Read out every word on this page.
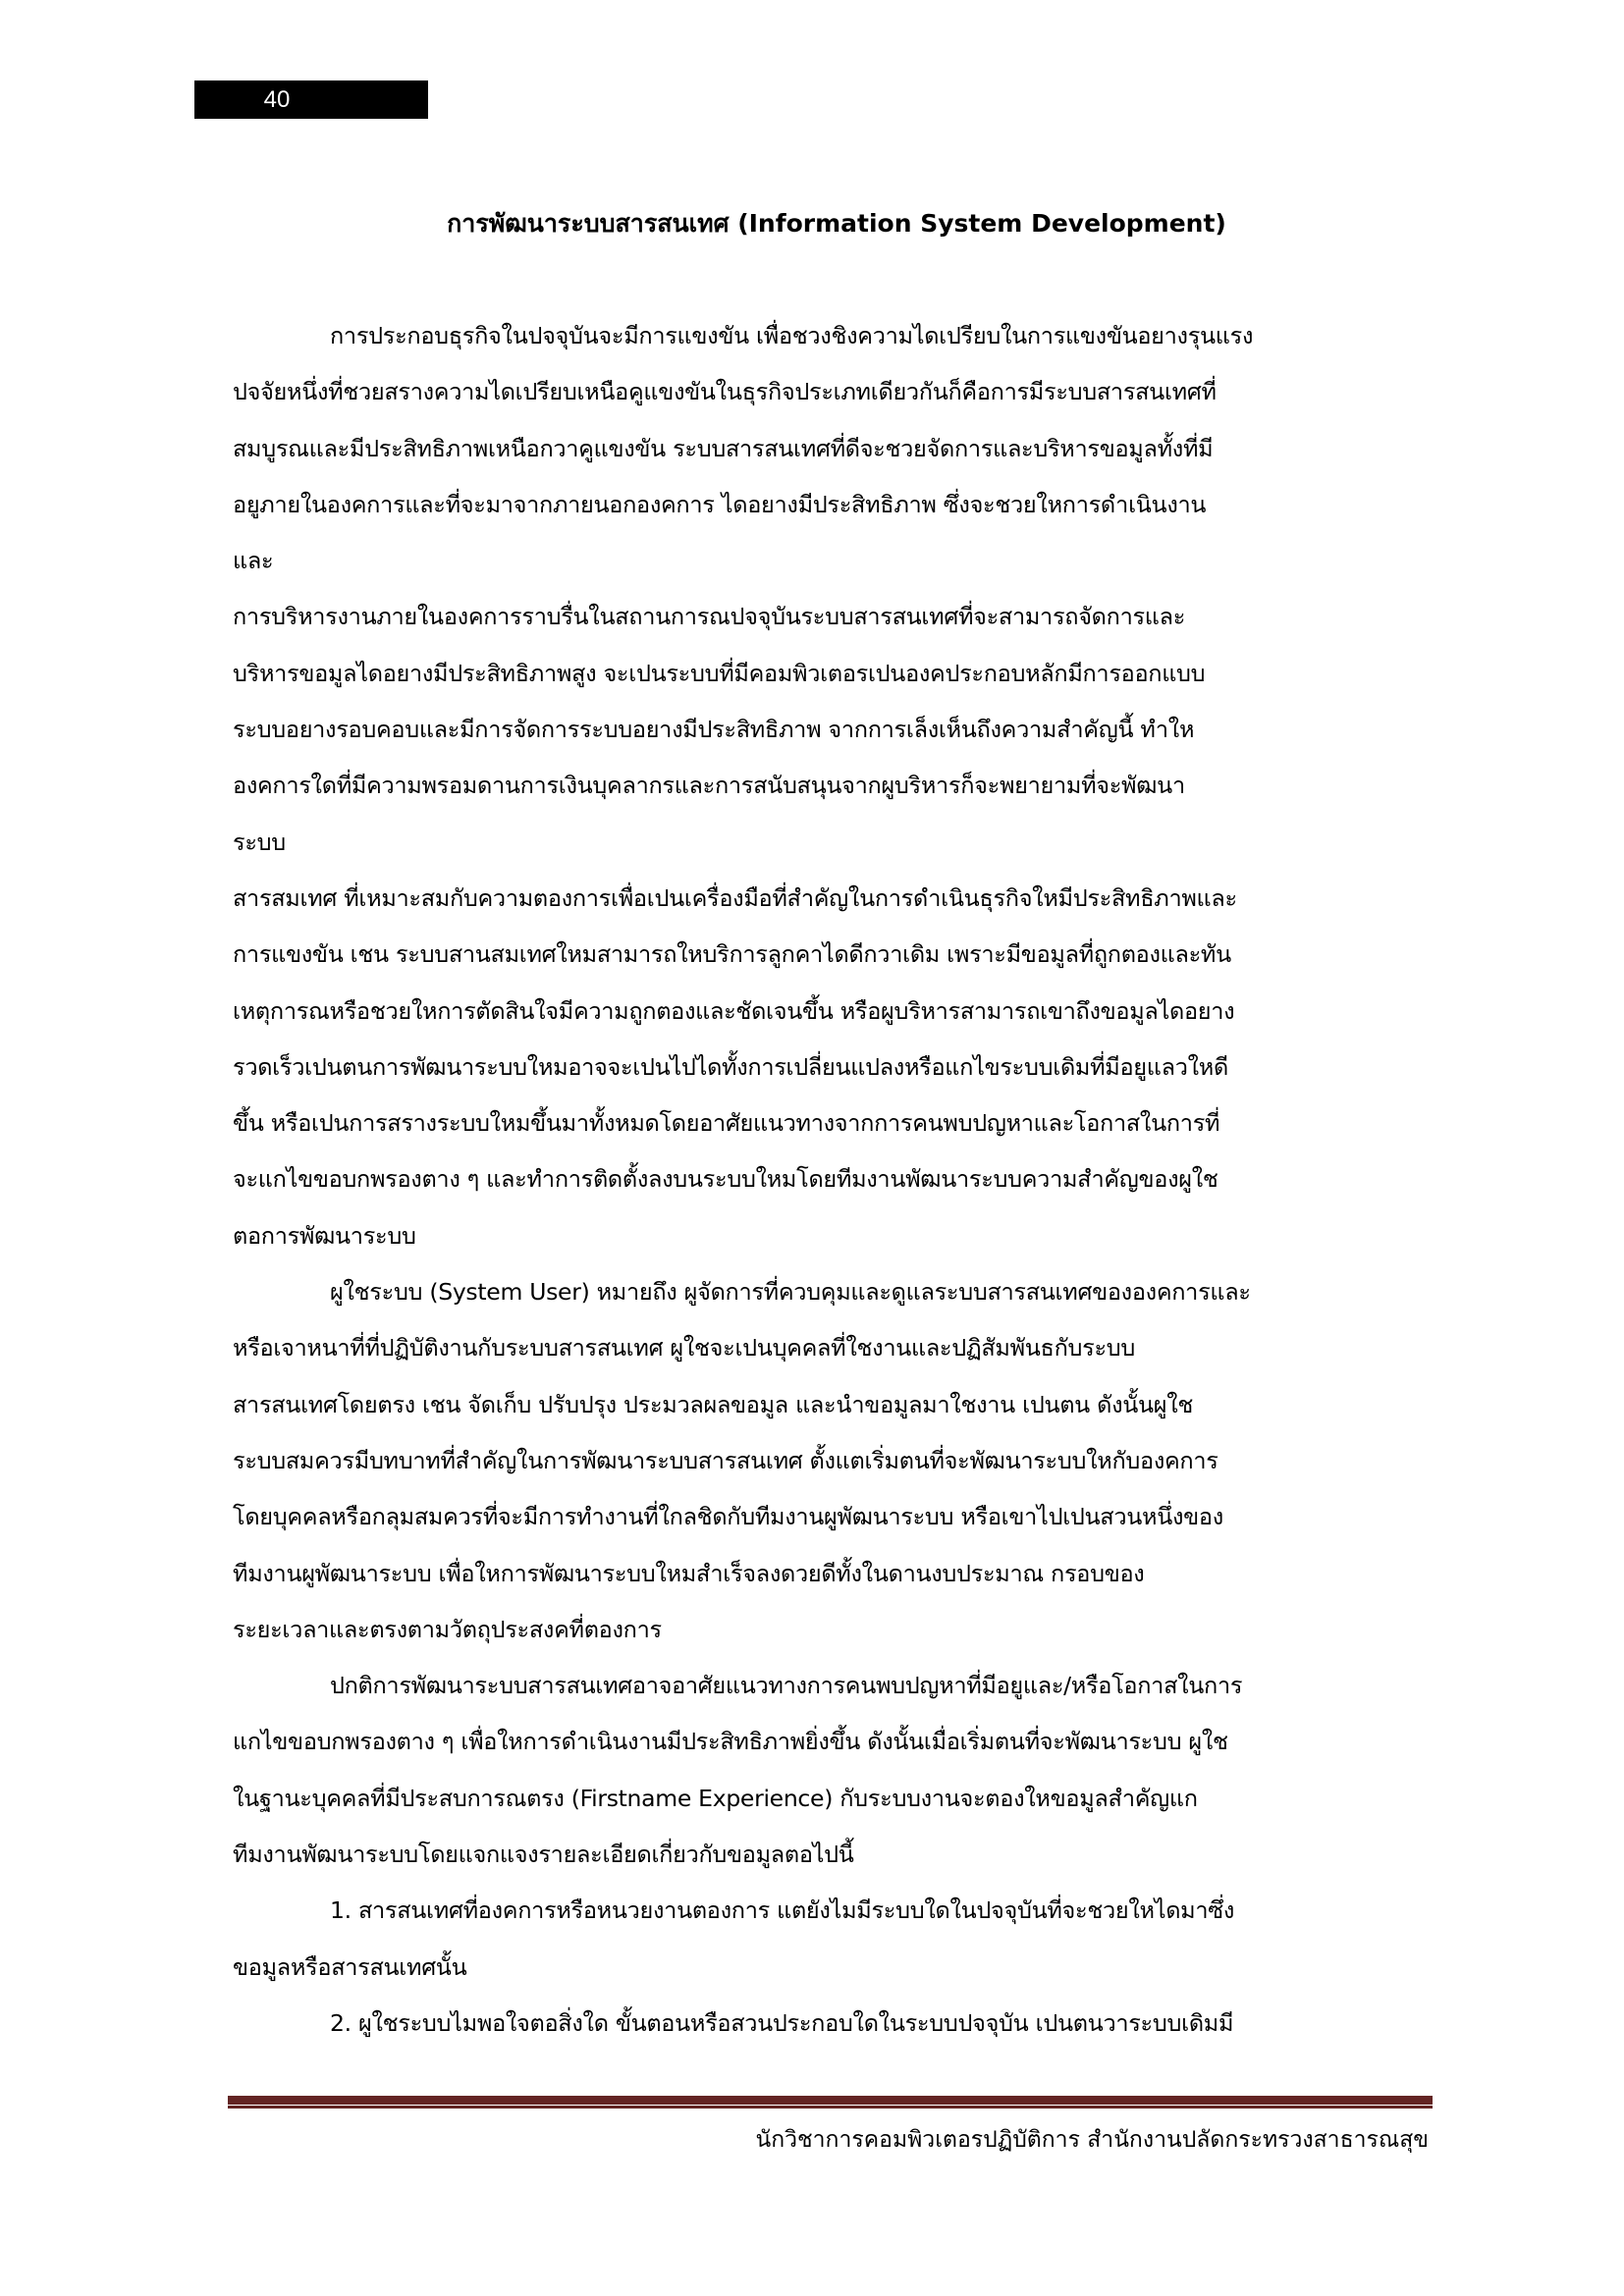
40
การพัฒนาระบบสารสนเทศ (Information System Development)
การประกอบธุรกิจในปจจุบันจะมีการแขงขัน เพื่อชวงชิงความไดเปรียบในการแขงขันอยางรุนแรง
ปจจัยหนึ่งที่ชวยสรางความไดเปรียบเหนือคูแขงขันในธุรกิจประเภทเดียวกันก็คือการมีระบบสารสนเทศที่
สมบูรณและมีประสิทธิภาพเหนือกวาคูแขงขัน ระบบสารสนเทศที่ดีจะชวยจัดการและบริหารขอมูลทั้งที่มี
อยูภายในองคการและที่จะมาจากภายนอกองคการ ไดอยางมีประสิทธิภาพ ซึ่งจะชวยใหการดำเนินงาน
และ
การบริหารงานภายในองคการราบรื่นในสถานการณปจจุบันระบบสารสนเทศที่จะสามารถจัดการและ
บริหารขอมูลไดอยางมีประสิทธิภาพสูง จะเปนระบบที่มีคอมพิวเตอรเปนองคประกอบหลักมีการออกแบบ
ระบบอยางรอบคอบและมีการจัดการระบบอยางมีประสิทธิภาพ จากการเล็งเห็นถึงความสำคัญนี้ ทำให
องคการใดที่มีความพรอมดานการเงินบุคลากรและการสนับสนุนจากผูบริหารก็จะพยายามที่จะพัฒนา
ระบบ
สารสมเทศ ที่เหมาะสมกับความตองการเพื่อเปนเครื่องมือที่สำคัญในการดำเนินธุรกิจใหมีประสิทธิภาพและ
การแขงขัน เชน ระบบสานสมเทศใหมสามารถใหบริการลูกคาไดดีกวาเดิม เพราะมีขอมูลที่ถูกตองและทัน
เหตุการณหรือชวยใหการตัดสินใจมีความถูกตองและชัดเจนขึ้น หรือผูบริหารสามารถเขาถึงขอมูลไดอยาง
รวดเร็วเปนตนการพัฒนาระบบใหมอาจจะเปนไปไดทั้งการเปลี่ยนแปลงหรือแกไขระบบเดิมที่มีอยูแลวใหดี
ขึ้น หรือเปนการสรางระบบใหมขึ้นมาทั้งหมดโดยอาศัยแนวทางจากการคนพบปญหาและโอกาสในการที่
จะแกไขขอบกพรองตาง ๆ และทำการติดตั้งลงบนระบบใหมโดยทีมงานพัฒนาระบบความสำคัญของผูใช
ตอการพัฒนาระบบ
ผูใชระบบ (System User) หมายถึง ผูจัดการที่ควบคุมและดูแลระบบสารสนเทศขององคการและ
หรือเจาหนาที่ที่ปฏิบัติงานกับระบบสารสนเทศ ผูใชจะเปนบุคคลที่ใชงานและปฏิสัมพันธกับระบบ
สารสนเทศโดยตรง เชน จัดเก็บ ปรับปรุง ประมวลผลขอมูล และนำขอมูลมาใชงาน เปนตน ดังนั้นผูใช
ระบบสมควรมีบทบาทที่สำคัญในการพัฒนาระบบสารสนเทศ ตั้งแตเริ่มตนที่จะพัฒนาระบบใหกับองคการ
โดยบุคคลหรือกลุมสมควรที่จะมีการทำงานที่ใกลชิดกับทีมงานผูพัฒนาระบบ หรือเขาไปเปนสวนหนึ่งของ
ทีมงานผูพัฒนาระบบ เพื่อใหการพัฒนาระบบใหมสำเร็จลงดวยดีทั้งในดานงบประมาณ กรอบของ
ระยะเวลาและตรงตามวัตถุประสงคที่ตองการ
ปกติการพัฒนาระบบสารสนเทศอาจอาศัยแนวทางการคนพบปญหาที่มีอยูและ/หรือโอกาสในการ
แกไขขอบกพรองตาง ๆ เพื่อใหการดำเนินงานมีประสิทธิภาพยิ่งขึ้น ดังนั้นเมื่อเริ่มตนที่จะพัฒนาระบบ ผูใช
ในฐานะบุคคลที่มีประสบการณตรง (Firstname Experience) กับระบบงานจะตองใหขอมูลสำคัญแก
ทีมงานพัฒนาระบบโดยแจกแจงรายละเอียดเกี่ยวกับขอมูลตอไปนี้
1. สารสนเทศที่องคการหรือหนวยงานตองการ แตยังไมมีระบบใดในปจจุบันที่จะชวยใหไดมาซึ่ง
ขอมูลหรือสารสนเทศนั้น
2. ผูใชระบบไมพอใจตอสิ่งใด ขั้นตอนหรือสวนประกอบใดในระบบปจจุบัน เปนตนวาระบบเดิมมี
นักวิชาการคอมพิวเตอรปฏิบัติการ สำนักงานปลัดกระทรวงสาธารณสุข
